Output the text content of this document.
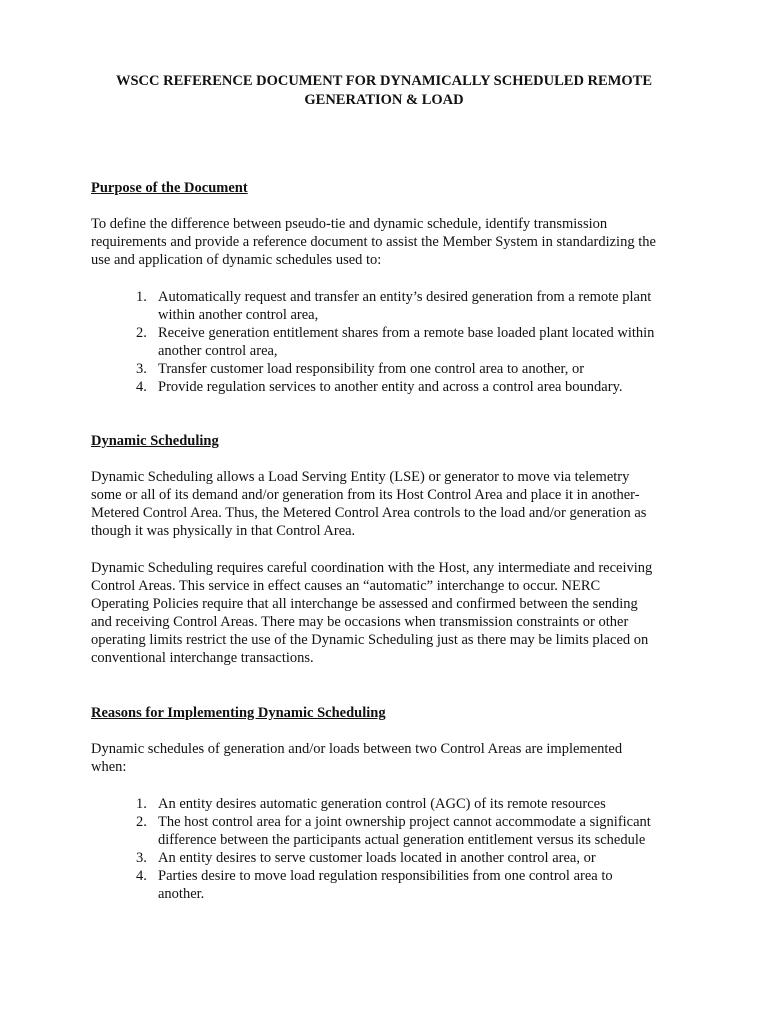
WSCC REFERENCE DOCUMENT FOR DYNAMICALLY SCHEDULED REMOTE
GENERATION & LOAD
Purpose of the Document
To define the difference between pseudo-tie and dynamic schedule, identify transmission
requirements and provide a reference document to assist the Member System in standardizing the
use and application of dynamic schedules used to:
1. Automatically request and transfer an entity’s desired generation from a remote plant
within another control area,
2. Receive generation entitlement shares from a remote base loaded plant located within
another control area,
3. Transfer customer load responsibility from one control area to another, or
4. Provide regulation services to another entity and across a control area boundary.
Dynamic Scheduling
Dynamic Scheduling allows a Load Serving Entity (LSE) or generator to move via telemetry
some or all of its demand and/or generation from its Host Control Area and place it in another-
Metered Control Area. Thus, the Metered Control Area controls to the load and/or generation as
though it was physically in that Control Area.
Dynamic Scheduling requires careful coordination with the Host, any intermediate and receiving
Control Areas. This service in effect causes an “automatic” interchange to occur. NERC
Operating Policies require that all interchange be assessed and confirmed between the sending
and receiving Control Areas. There may be occasions when transmission constraints or other
operating limits restrict the use of the Dynamic Scheduling just as there may be limits placed on
conventional interchange transactions.
Reasons for Implementing Dynamic Scheduling
Dynamic schedules of generation and/or loads between two Control Areas are implemented
when:
1. An entity desires automatic generation control (AGC) of its remote resources
2. The host control area for a joint ownership project cannot accommodate a significant
difference between the participants actual generation entitlement versus its schedule
3. An entity desires to serve customer loads located in another control area, or
4. Parties desire to move load regulation responsibilities from one control area to
another.
